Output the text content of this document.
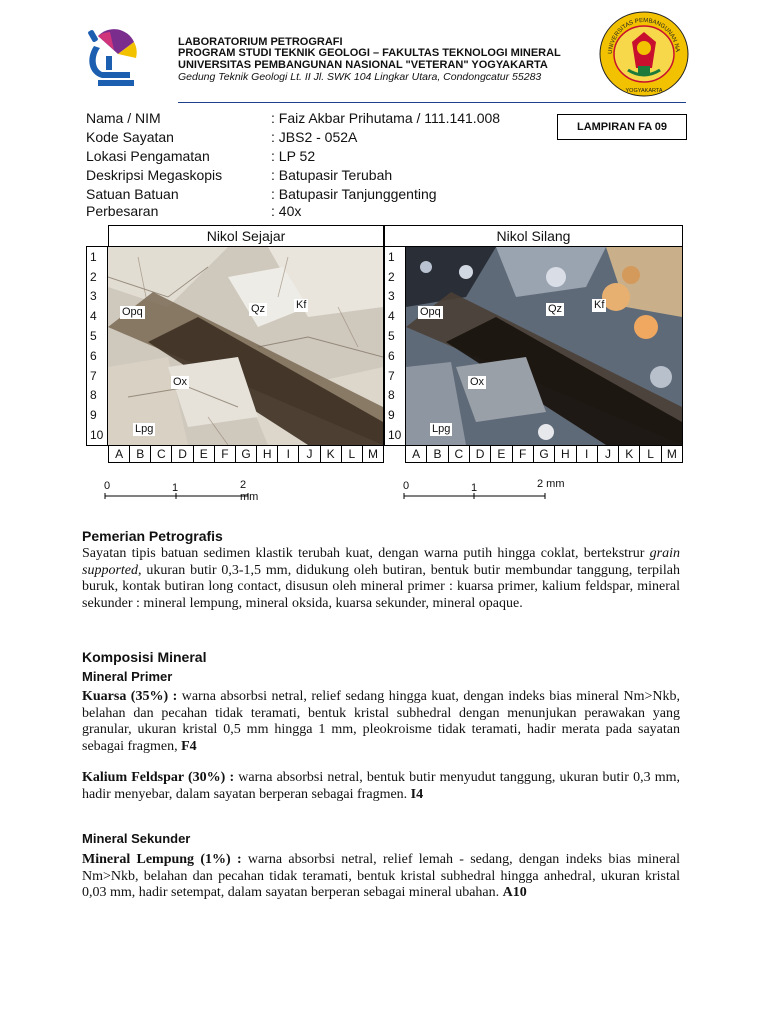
LABORATORIUM PETROGRAFI
PROGRAM STUDI TEKNIK GEOLOGI – FAKULTAS TEKNOLOGI MINERAL
UNIVERSITAS PEMBANGUNAN NASIONAL "VETERAN" YOGYAKARTA
Gedung Teknik Geologi Lt. II Jl. SWK 104 Lingkar Utara, Condongcatur 55283
UNIVERSITAS PEMBANGUNAN NA
YOGYAKARTA
Nama / NIM	: Faiz Akbar Prihutama / 111.141.008
Kode Sayatan	: JBS2 - 052A
Lokasi Pengamatan	: LP 52
Deskripsi Megaskopis	: Batupasir Terubah
Satuan Batuan	: Batupasir Tanjunggenting
Perbesaran	: 40x
LAMPIRAN FA 09
Nikol Sejajar
1
2
3
4
5
6
7
8
9
10
Opq	Qz	Kf
Ox
Lpg
A	B	C	D	E	F	G	H	I	J	K	L	M
Nikol Silang
1
2
3
4
5
6
7
8
9
10
Opq	Qz	Kf
Ox
Lpg
A	B	C	D	E	F	G	H	I	J	K	L	M
0	1	2 mm
0	1	2 mm
Pemerian Petrografis
Sayatan tipis batuan sedimen klastik terubah kuat, dengan warna putih hingga coklat, bertekstrur grain supported, ukuran butir 0,3-1,5 mm, didukung oleh butiran, bentuk butir membundar tanggung, terpilah buruk, kontak butiran long contact, disusun oleh mineral primer : kuarsa primer, kalium feldspar, mineral sekunder : mineral lempung, mineral oksida, kuarsa sekunder, mineral opaque.
Komposisi Mineral
Mineral Primer
Kuarsa (35%) : warna absorbsi netral, relief sedang hingga kuat, dengan indeks bias mineral Nm>Nkb, belahan dan pecahan tidak teramati, bentuk kristal subhedral dengan menunjukan perawakan yang granular, ukuran kristal 0,5 mm hingga 1 mm, pleokroisme tidak teramati, hadir merata pada sayatan sebagai fragmen, F4
Kalium Feldspar (30%) : warna absorbsi netral, bentuk butir menyudut tanggung, ukuran butir 0,3 mm, hadir menyebar, dalam sayatan berperan sebagai fragmen. I4
Mineral Sekunder
Mineral Lempung (1%) : warna absorbsi netral, relief lemah - sedang, dengan indeks bias mineral Nm>Nkb, belahan dan pecahan tidak teramati, bentuk kristal subhedral hingga anhedral, ukuran kristal 0,03 mm, hadir setempat, dalam sayatan berperan sebagai mineral ubahan. A10
